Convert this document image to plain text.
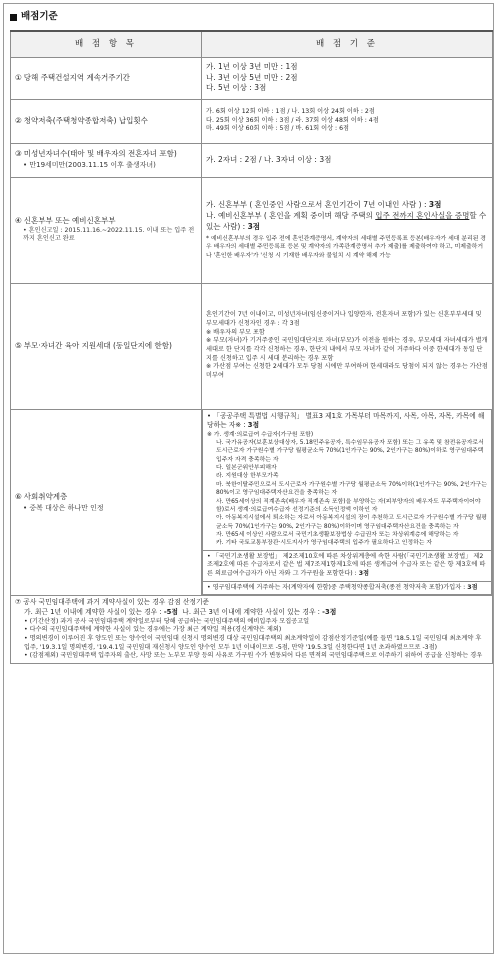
배점기준
배 점 항 목	배 점 기 준

① 당해 주택건설지역 계속거주기간

가. 1년 이상 3년 미만 : 1점
나. 3년 이상 5년 미만 : 2점
다. 5년 이상 : 3점

② 청약저축(주택청약종합저축) 납입횟수

가. 6회 이상 12회 이하 : 1점 / 나. 13회 이상 24회 이하 : 2점
다. 25회 이상 36회 이하 : 3점 / 라. 37회 이상 48회 이하 : 4점
마. 49회 이상 60회 이하 : 5점 / 바. 61회 이상 : 6점

③ 미성년자녀수(태아 및 배우자의 전혼자녀 포함)
• 만19세미만(2003.11.15 이후 출생자녀)

가. 2자녀 : 2점 / 나. 3자녀 이상 : 3점

④ 신혼부부 또는 예비신혼부부
• 혼인신고일 : 2015.11.16.~2022.11.15. 이내 또는 입주 전까지 혼인신고 완료

가. 신혼부부 ( 혼인중인 사람으로서 혼인기간이 7년 이내인 사람 ) : 3점
나. 예비신혼부부 ( 혼인을 계획 중이며 해당 주택의 입주 전까지 혼인사실을 증명할 수 있는 사람) : 3점
* 예비신혼부부의 경우 입주 전에 혼인관계증명서, 계약자의 세대별 주민등록표 등본(배우자가 세대 분리된 경우 배우자의 세대별 주민등록표 등본 및 계약자의 가족관계증명서 추가 제출)를 제출하여야 하고, 미제출하거나 '혼인한 배우자'가 '신청 시 기재한 배우자와 불일치 시 계약 해제 가능

⑤ 부모·자녀간 육아 지원세대 (동일단지에 한함)

혼인기간이 7년 이내이고, 미성년자녀(임신중이거나 입양한자, 전혼자녀 포함)가 있는 신혼부부세대 및 부모세대가 신청자인 경우 : 각 3점
※ 배우자의 부모 포함
※ 부모(자녀)가 기거주중인 국민임대단지로 자녀(부모)가 이전을 원하는 경우, 부모세대 자녀세대가 별개 세대로 한 단지를 각각 신청하는 경우, 한단지 내에서 부모 자녀가 같이 거주하다 이중 한세대가 동일 단지를 신청하고 입주 시 세대 분리하는 경우 포함
※ 가산점 부여는 신청한 2세대가 모두 당첨 시에만 부여하며 한세대라도 당첨이 되지 않는 경우는 가산점 미부여

⑥ 사회취약계층
• 중복 대상은 하나만 인정

• 「공공주택 특별법 시행규칙」 별표3 제1호 가목부터 마목까지, 사목, 아목, 자목, 카목에 해당하는 자※ : 3점
※ 가. 생계·의료급여 수급자(가구원 포함)
나. 국가유공자(보훈보상대상자, 5.18민주유공자, 특수임무유공자 포함) 또는 그 유족 및 참전유공자로서 도시근로자 가구원수별 가구당 월평균소득 70%(1인가구는 90%, 2인가구는 80%)이하로 영구임대주택입주자 자격 충족하는 자
다. 일본군위안부피해자
라. 지원대상 한부모가족
마. 북한이탈주민으로서 도시근로자 가구원수별 가구당 월평균소득 70%이하(1인가구는 90%, 2인가구는 80%이고 영구임대주택자산요건을 충족하는 자
사. 만65세이상의 직계존속(배우자 직계존속 포함)을 부양하는 자(피부양자의 배우자도 무주택자이어야 함)로서 생계·의료급여수급자 선정기준의 소득인정액 이하인 자
아. 아동복지시설에서 퇴소하는 자로서 아동복지시설의 장이 추천하고 도시근로자 가구원수별 가구당 월평균소득 70%(1인가구는 90%, 2인가구는 80%)이하이며 영구임대주택자산요건을 충족하는 자
자. 만65세 이상인 사람으로서 국민기초생활보장법상 수급권자 또는 차상위계층에 해당하는 자
카. 기타 국토교통부장관·시도지사가 영구임대주택의 입주가 필요하다고 인정하는 자

• 「국민기초생활 보장법」 제2조제10호에 따른 차상위계층에 속한 사람(「국민기초생활 보장법」 제2조제2호에 따른 수급자로서 같은 법 제7조제1항제1호에 따른 생계급여 수급자 또는 같은 항 제3호에 따른 의료급여수급자가 아닌 자와 그 가구원을 포함한다) : 3점

• 영구임대주택에 거주하는 자(계약자에 한함)중 주택청약종합저축(종전 청약저축 포함)가입자 : 3점

⑦ 공사 국민임대주택에 과거 계약사실이 있는 경우 감점 산정기준
가. 최근 1년 이내에 계약한 사실이 있는 경우 : -5점 나. 최근 3년 이내에 계약한 사실이 있는 경우 : -3점
• (기간산정) 과거 공사 국민임대주택 계약일로부터 당해 공급하는 국민임대주택의 예비입주자 모집공고일
• 다수의 국민임대주택에 계약한 사실이 있는 경우에는 가장 최근 계약일 적용(경신계약은 제외)
• 명의변경이 이루어진 후 양도인 또는 양수인이 국민임대 신청시 명의변경 대상 국민임대주택의 최초계약일이 감점산정기준일(예를 들면 '18.5.1일 국민임대 최초계약 후 입주, '19.3.1일 명의변경, '19.4.1일 국민임대 재신청시 양도인 양수인 모두 1년 이내이므로 -5점, 만약 '19.5.3일 신청한다면 1년 초과하였으므로 -3점)
• (감점제외) 국민임대주택 입주자의 출산, 사망 또는 노부모 부양 등의 사유로 가구원 수가 변동되어 다른 면적의 국민임대주택으로 이주하기 위하여 공급을 신청하는 경우
